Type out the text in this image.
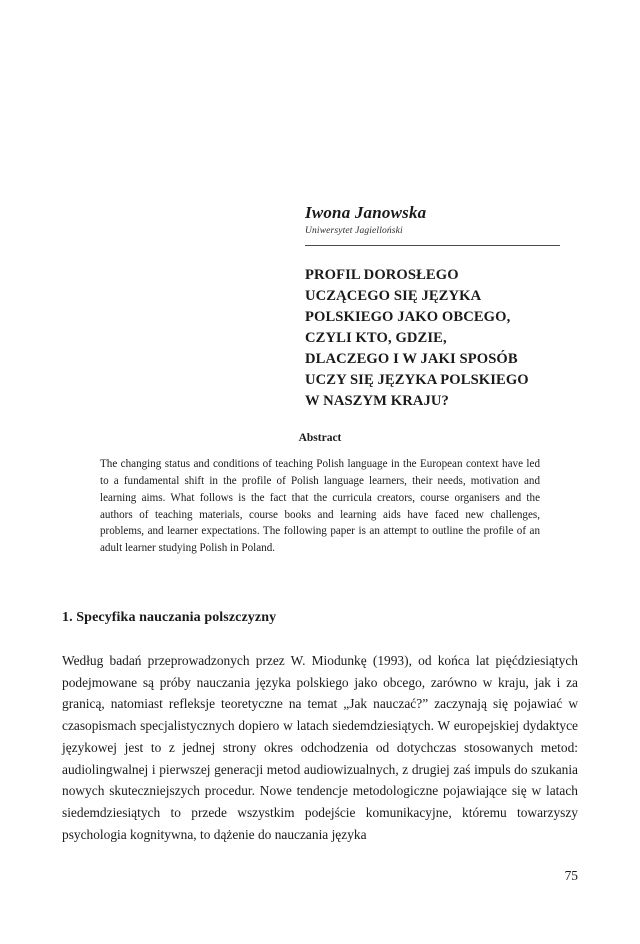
Iwona Janowska

Uniwersytet Jagielloński

PROFIL DOROSŁEGO
UCZĄCEGO SIĘ JĘZYKA
POLSKIEGO JAKO OBCEGO,
CZYLI KTO, GDZIE,
DLACZEGO I W JAKI SPOSÓB
UCZY SIĘ JĘZYKA POLSKIEGO
W NASZYM KRAJU?
Abstract

The changing status and conditions of teaching Polish language in the European context have led to a fundamental shift in the profile of Polish language learners, their needs, motivation and learning aims. What follows is the fact that the curricula creators, course organisers and the authors of teaching materials, course books and learning aids have faced new challenges, problems, and learner expectations. The following paper is an attempt to outline the profile of an adult learner studying Polish in Poland.

1. Specyfika nauczania polszczyzny

Według badań przeprowadzonych przez W. Miodunkę (1993), od końca lat pięćdziesiątych podejmowane są próby nauczania języka polskiego jako obcego, zarówno w kraju, jak i za granicą, natomiast refleksje teoretyczne na temat „Jak nauczać?” zaczynają się pojawiać w czasopismach specjalistycznych dopiero w latach siedemdziesiątych. W europejskiej dydaktyce językowej jest to z jednej strony okres odchodzenia od dotychczas stosowanych metod: audiolingwalnej i pierwszej generacji metod audiowizualnych, z drugiej zaś impuls do szukania nowych skuteczniejszych procedur. Nowe tendencje metodologiczne pojawiające się w latach siedemdziesiątych to przede wszystkim podejście komunikacyjne, któremu towarzyszy psychologia kognitywna, to dążenie do nauczania języka

75
